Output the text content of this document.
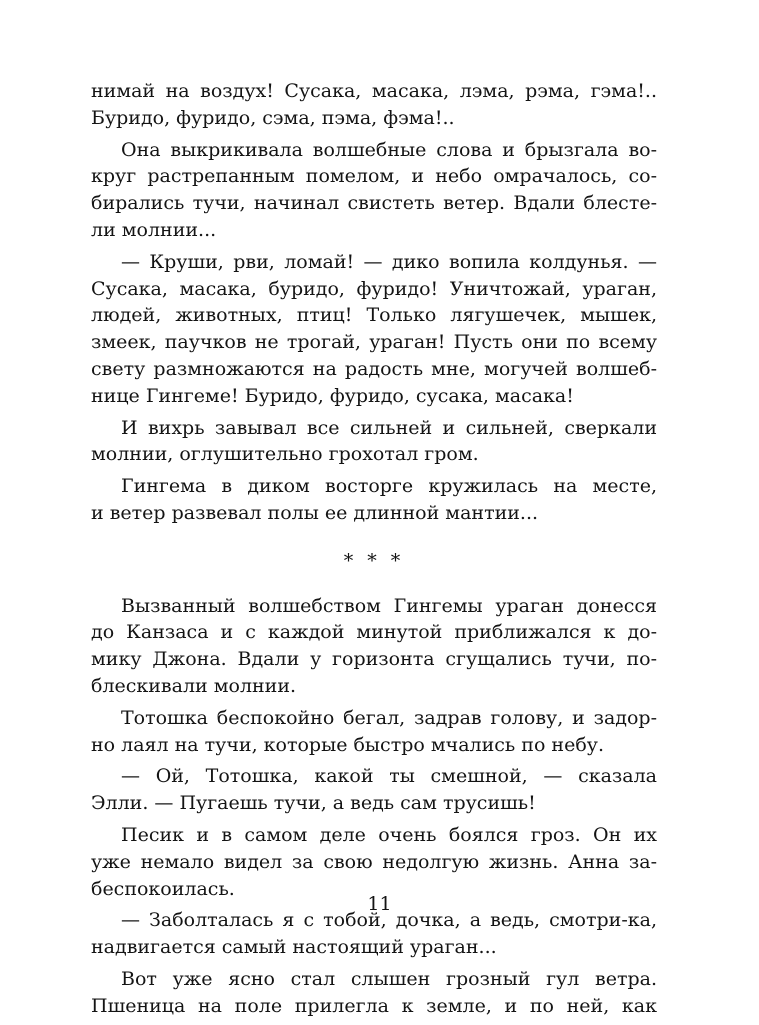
нимай на воздух! Сусака, масака, лэма, рэма, гэма!..
Буридо, фуридо, сэма, пэма, фэма!..
Она выкрикивала волшебные слова и брызгала во-
круг растрепанным помелом, и небо омрачалось, со-
бирались тучи, начинал свистеть ветер. Вдали блесте-
ли молнии...
— Круши, рви, ломай! — дико вопила колдунья. —
Сусака, масака, буридо, фуридо! Уничтожай, ураган,
людей, животных, птиц! Только лягушечек, мышек,
змеек, паучков не трогай, ураган! Пусть они по всему
свету размножаются на радость мне, могучей волшеб-
нице Гингеме! Буридо, фуридо, сусака, масака!
И вихрь завывал все сильней и сильней, сверкали
молнии, оглушительно грохотал гром.
Гингема в диком восторге кружилась на месте,
и ветер развевал полы ее длинной мантии...
* * *
Вызванный волшебством Гингемы ураган донесся
до Канзаса и с каждой минутой приближался к до-
мику Джона. Вдали у горизонта сгущались тучи, по-
блескивали молнии.
Тотошка беспокойно бегал, задрав голову, и задор-
но лаял на тучи, которые быстро мчались по небу.
— Ой, Тотошка, какой ты смешной, — сказала
Элли. — Пугаешь тучи, а ведь сам трусишь!
Песик и в самом деле очень боялся гроз. Он их
уже немало видел за свою недолгую жизнь. Анна за-
беспокоилась.
— Заболталась я с тобой, дочка, а ведь, смотри-ка,
надвигается самый настоящий ураган...
Вот уже ясно стал слышен грозный гул ветра.
Пшеница на поле прилегла к земле, и по ней, как
11
